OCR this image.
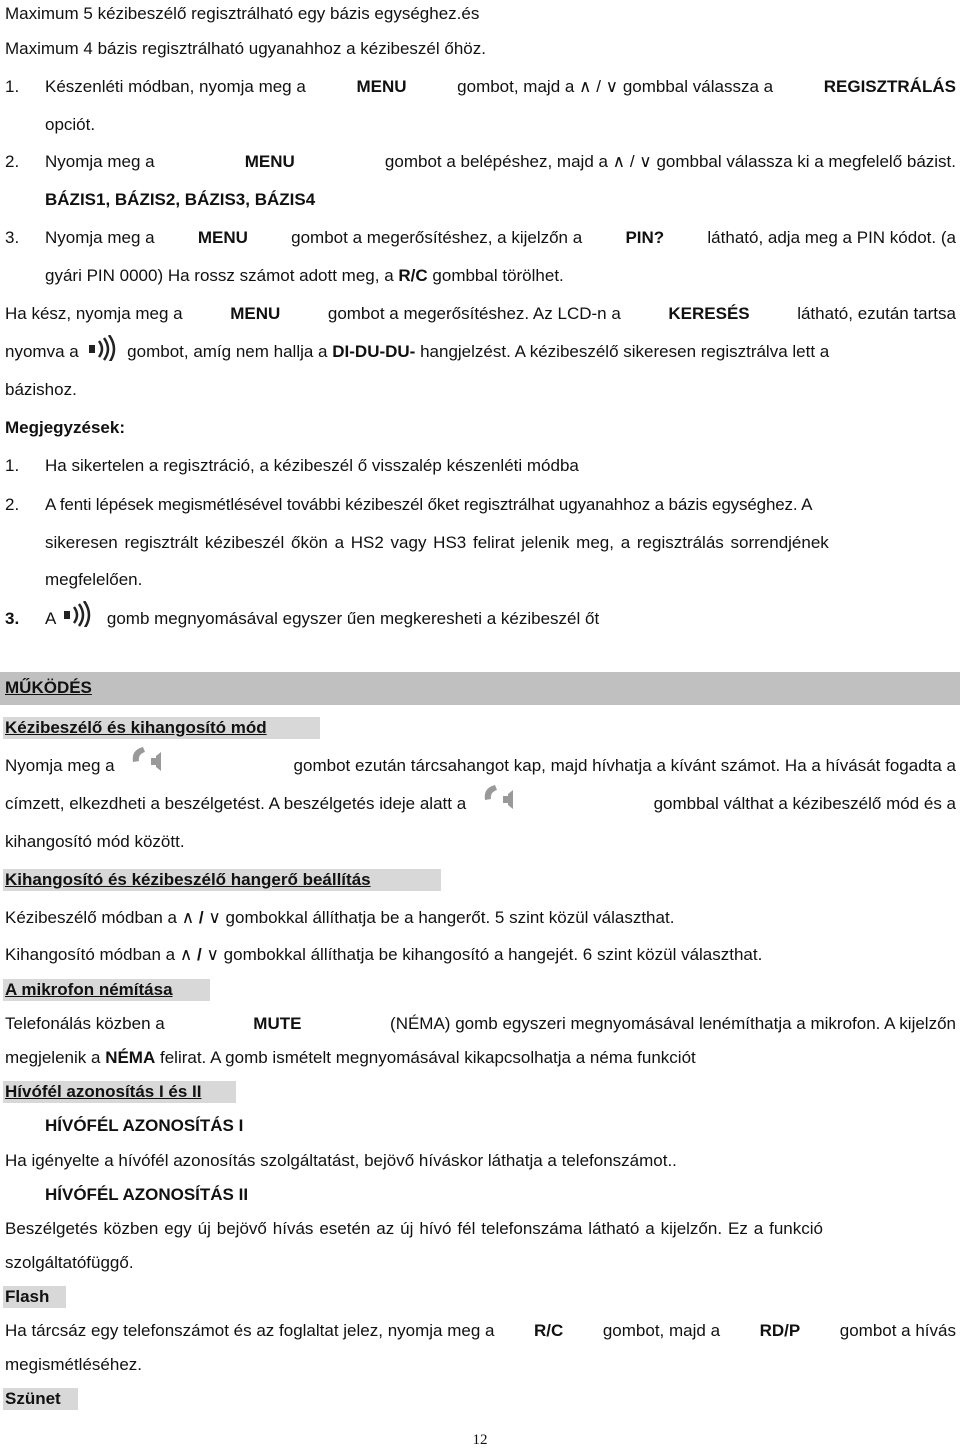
Maximum 5 kézibeszélő regisztrálható egy bázis egységhez.és
Maximum 4 bázis regisztrálható ugyanahhoz a kézibeszél őhöz.
1. Készenléti módban, nyomja meg a	MENU	gombot, majd a ∧ / ∨ gombbal válassza a	REGISZTRÁLÁS
opciót.
2. Nyomja meg a	MENU	gombot a belépéshez, majd a ∧ / ∨ gombbal válassza ki a megfelelő bázist.
BÁZIS1, BÁZIS2, BÁZIS3, BÁZIS4
3. Nyomja meg a	MENU	gombot a megerősítéshez, a kijelzőn a	PIN?	látható, adja meg a PIN kódot. (a
gyári PIN 0000) Ha rossz számot adott meg, a R/C gombbal törölhet.
Ha kész, nyomja meg a	MENU	gombot a megerősítéshez. Az LCD-n a	KERESÉS	látható, ezután tartsa
nyomva a	gombot, amíg nem hallja a DI-DU-DU- hangjelzést. A kézibeszélő sikeresen regisztrálva lett a
bázishoz.
Megjegyzések:
1. Ha sikertelen a regisztráció, a kézibeszél ő visszalép készenléti módba
2. A fenti lépések megismétlésével további kézibeszél őket regisztrálhat ugyanahhoz a bázis egységhez. A
sikeresen regisztrált kézibeszél őkön a HS2 vagy HS3 felirat jelenik meg, a regisztrálás sorrendjének
megfelelően.
3. A	gomb megnyomásával egyszer űen megkeresheti a kézibeszél őt
MŰKÖDÉS
Kézibeszélő és kihangosító mód
Nyomja meg a	gombot ezután tárcsahangot kap, majd hívhatja a kívánt számot. Ha a hívását fogadta a
címzett, elkezdheti a beszélgetést. A beszélgetés ideje alatt a	gombbal válthat a kézibeszélő mód és a
kihangosító mód között.
Kihangosító és kézibeszélő hangerő beállítás
Kézibeszélő módban a ∧ / ∨ gombokkal állíthatja be a hangerőt. 5 szint közül választhat.
Kihangosító módban a ∧ / ∨ gombokkal állíthatja be kihangosító a hangejét. 6 szint közül választhat.
A mikrofon némítása
Telefonálás közben a	MUTE	(NÉMA) gomb egyszeri megnyomásával lenémíthatja a mikrofon. A kijelzőn
megjelenik a NÉMA felirat. A gomb ismételt megnyomásával kikapcsolhatja a néma funkciót
Hívófél azonosítás I és II
HÍVÓFÉL AZONOSÍTÁS I
Ha igényelte a hívófél azonosítás szolgáltatást, bejövő híváskor láthatja a telefonszámot..
HÍVÓFÉL AZONOSÍTÁS II
Beszélgetés közben egy új bejövő hívás esetén az új hívó fél telefonszáma látható a kijelzőn. Ez a funkció
szolgáltatófüggő.
Flash
Ha tárcsáz egy telefonszámot és az foglaltat jelez, nyomja meg a R/C gombot, majd a RD/P gombot a hívás
megismétléséhez.
Szünet
12
